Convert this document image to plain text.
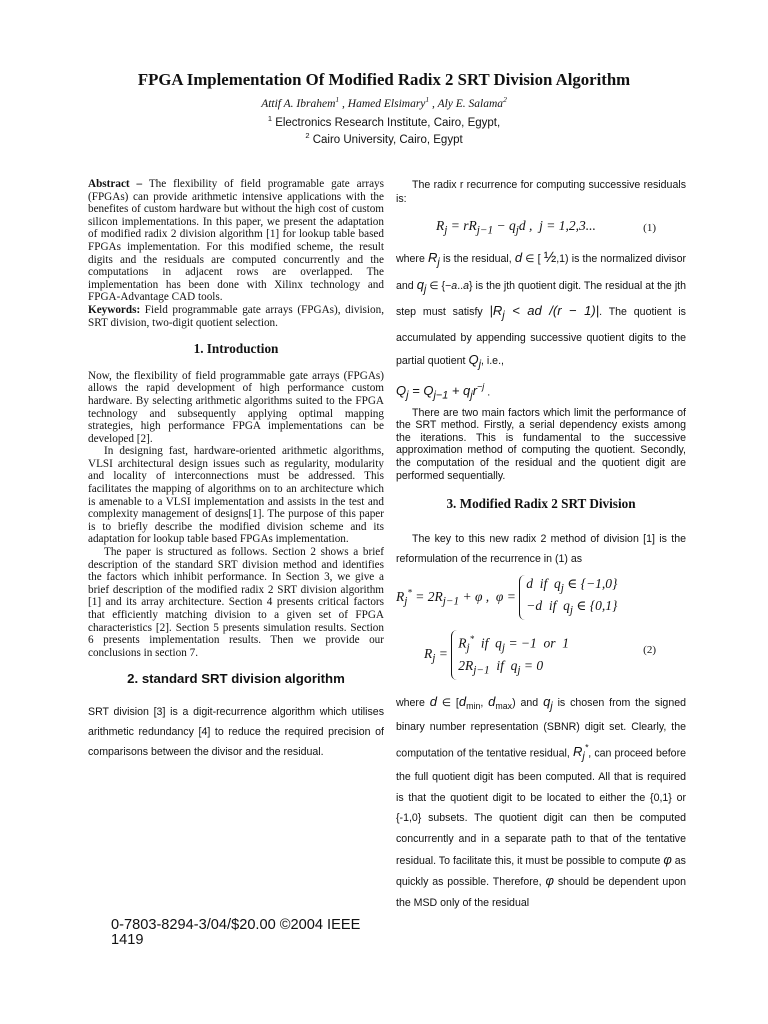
FPGA Implementation Of Modified Radix 2 SRT Division Algorithm
Attif A. Ibrahem$^1$ , Hamed Elsimary$^1$ , Aly E. Salama$^2$
$^1$ Electronics Research Institute, Cairo, Egypt,
$^2$ Cairo University, Cairo, Egypt

Abstract – The flexibility of field programable gate arrays (FPGAs) can provide arithmetic intensive applications with the benefites of custom hardware but without the high cost of custom silicon implementations. In this paper, we present the adaptation of modified radix 2 division algorithm [1] for lookup table based FPGAs implementation. For this modified scheme, the result digits and the residuals are computed concurrently and the computations in adjacent rows are overlapped. The implementation has been done with Xilinx technology and FPGA-Advantage CAD tools.

Keywords: Field programmable gate arrays (FPGAs), division, SRT division, two-digit quotient selection.

1. Introduction

Now, the flexibility of field programmable gate arrays (FPGAs) allows the rapid development of high performance custom hardware. By selecting arithmetic algorithms suited to the FPGA technology and subsequently applying optimal mapping strategies, high performance FPGA implementations can be developed [2].

In designing fast, hardware-oriented arithmetic algorithms, VLSI architectural design issues such as regularity, modularity and locality of interconnections must be addressed. This facilitates the mapping of algorithms on to an architecture which is amenable to a VLSI implementation and assists in the test and complexity management of designs[1]. The purpose of this paper is to briefly describe the modified division scheme and its adaptation for lookup table based FPGAs implementation.

The paper is structured as follows. Section 2 shows a brief description of the standard SRT division method and identifies the factors which inhibit performance. In Section 3, we give a brief description of the modified radix 2 SRT division algorithm [1] and its array architecture. Section 4 presents critical factors that efficiently matching division to a given set of FPGA characteristics [2]. Section 5 presents simulation results. Section 6 presents implementation results. Then we provide our conclusions in section 7.

2. standard SRT division algorithm

SRT division [3] is a digit-recurrence algorithm which utilises arithmetic redundancy [4] to reduce the required precision of comparisons between the divisor and the residual.

The radix r recurrence for computing successive residuals is:

$R_j = rR_{j-1} - q_jd$ ,  j = 1,2,3...	(1)

where $R_j$ is the residual, d ∈ [ ½,1) is the normalized divisor and $q_j$ ∈ {−a..a} is the jth quotient digit. The residual at the jth step must satisfy $|R_j$ < ad /(r − 1)|. The quotient is accumulated by appending successive quotient digits to the partial quotient $Q_j$, i.e.,
$Q_j = Q_{j-1} + q_jr^{-j}$ .

There are two main factors which limit the performance of the SRT method. Firstly, a serial dependency exists among the iterations. This is fundamental to the successive approximation method of computing the quotient. Secondly, the computation of the residual and the quotient digit are performed sequentially.

3. Modified Radix 2 SRT Division

The key to this new radix 2 method of division [1] is the reformulation of the recurrence in (1) as

$R_j^* = 2R_{j-1} + \varphi$ ,  φ = d  if  $q_j$ ∈ {−1,0}
−d  if  $q_j$ ∈ {0,1}
$R_j = R_j^*$  if  $q_j = -1$  or  1
$2R_{j-1}$  if  $q_j = 0$
(2)

where d ∈ [$d_{min}$, $d_{max}$) and $q_j$ is chosen from the signed binary number representation (SBNR) digit set. Clearly, the computation of the tentative residual, $R_j^*$, can proceed before the full quotient digit has been computed. All that is required is that the quotient digit to be located to either the {0,1} or {-1,0} subsets. The quotient digit can then be computed concurrently and in a separate path to that of the tentative residual. To facilitate this, it must be possible to compute φ as quickly as possible. Therefore, φ should be dependent upon the MSD only of the residual

0-7803-8294-3/04/$20.00 ©2004 IEEE
1419
